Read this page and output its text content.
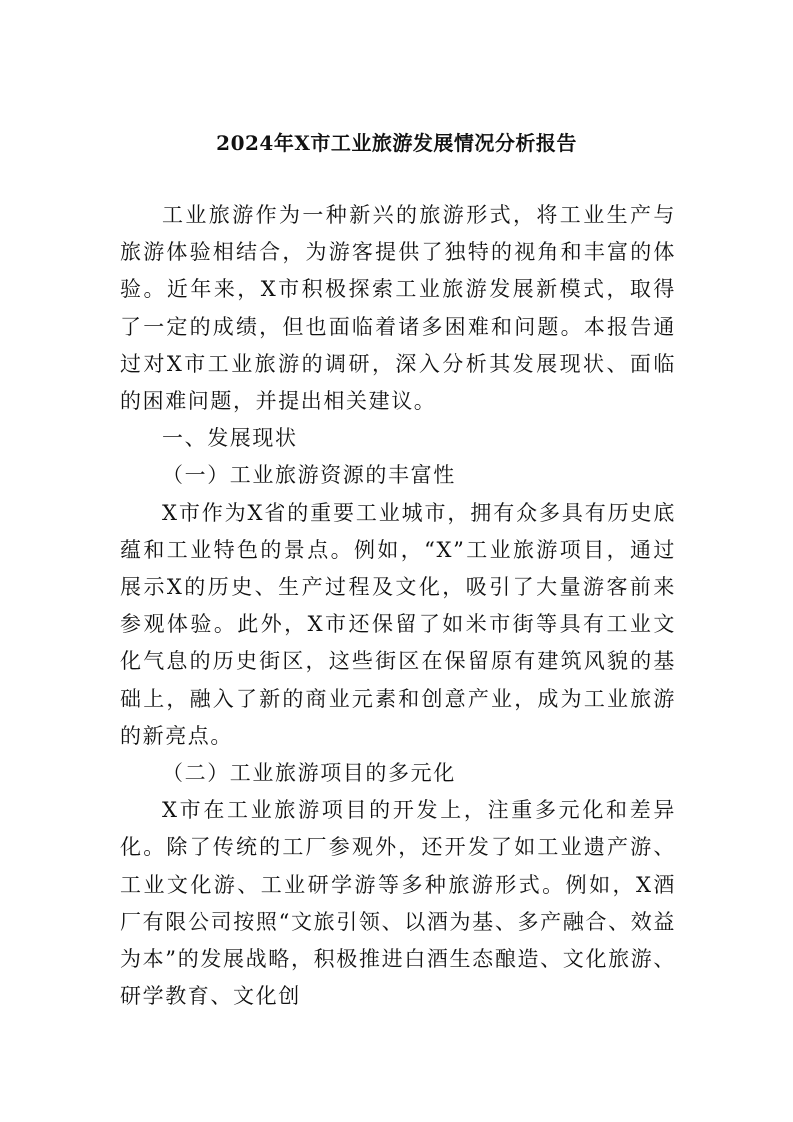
2024年X市工业旅游发展情况分析报告

工业旅游作为一种新兴的旅游形式，将工业生产与旅游体验相结合，为游客提供了独特的视角和丰富的体验。近年来，X市积极探索工业旅游发展新模式，取得了一定的成绩，但也面临着诸多困难和问题。本报告通过对X市工业旅游的调研，深入分析其发展现状、面临的困难问题，并提出相关建议。

一、发展现状

（一）工业旅游资源的丰富性

X市作为X省的重要工业城市，拥有众多具有历史底蕴和工业特色的景点。例如，“X”工业旅游项目，通过展示X的历史、生产过程及文化，吸引了大量游客前来参观体验。此外，X市还保留了如米市街等具有工业文化气息的历史街区，这些街区在保留原有建筑风貌的基础上，融入了新的商业元素和创意产业，成为工业旅游的新亮点。

（二）工业旅游项目的多元化

X市在工业旅游项目的开发上，注重多元化和差异化。除了传统的工厂参观外，还开发了如工业遗产游、工业文化游、工业研学游等多种旅游形式。例如，X酒厂有限公司按照“文旅引领、以酒为基、多产融合、效益为本”的发展战略，积极推进白酒生态酿造、文化旅游、研学教育、文化创
